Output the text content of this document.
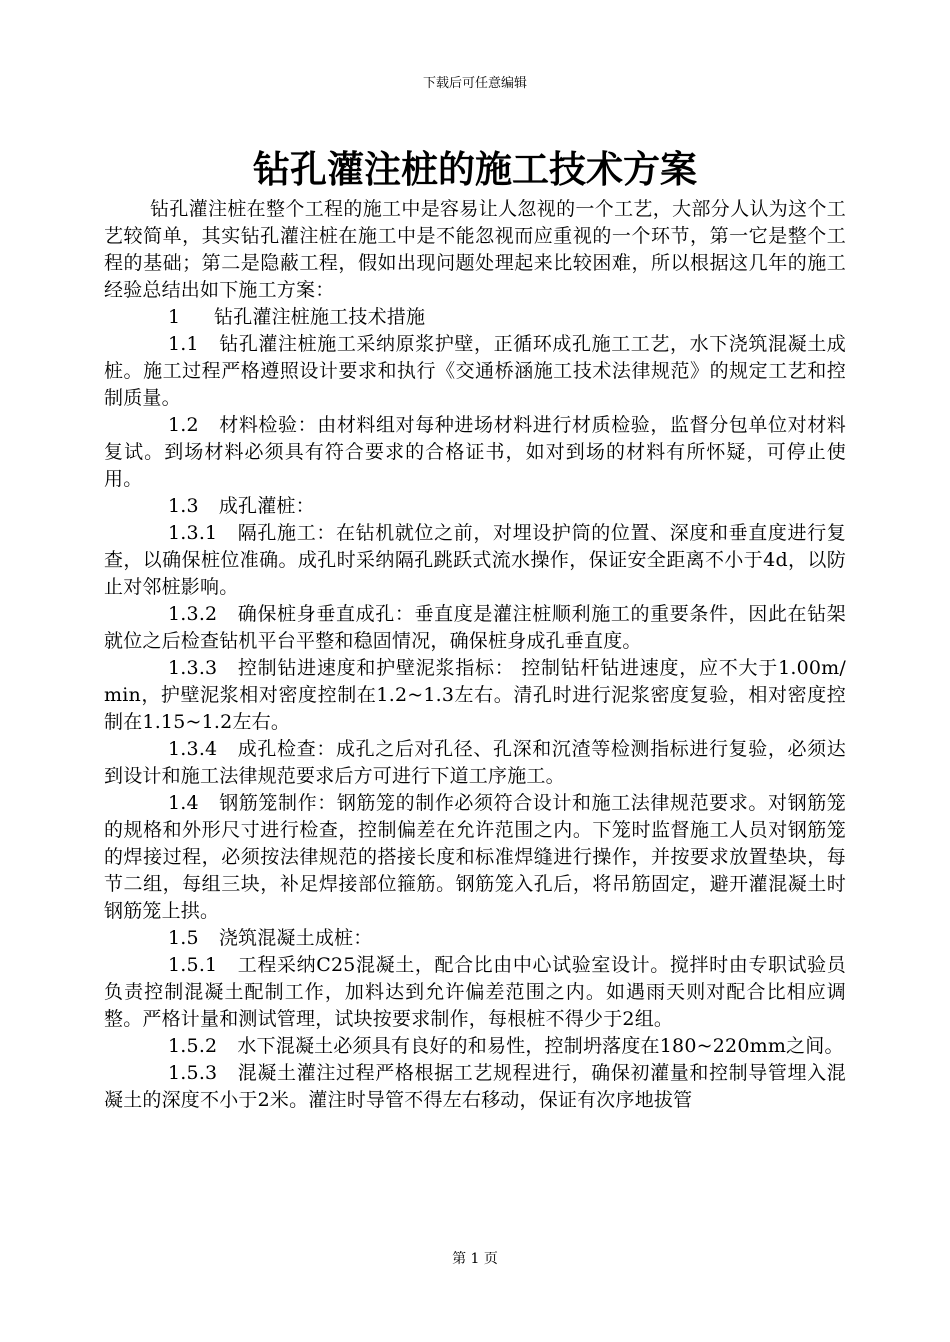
下载后可任意编辑
钻孔灌注桩的施工技术方案

钻孔灌注桩在整个工程的施工中是容易让人忽视的一个工艺，大部分人认为这个工艺较简单，其实钻孔灌注桩在施工中是不能忽视而应重视的一个环节，第一它是整个工程的基础；第二是隐蔽工程，假如出现问题处理起来比较困难，所以根据这几年的施工经验总结出如下施工方案：

1 钻孔灌注桩施工技术措施

1.1 钻孔灌注桩施工采纳原浆护壁，正循环成孔施工工艺，水下浇筑混凝土成桩。施工过程严格遵照设计要求和执行《交通桥涵施工技术法律规范》的规定工艺和控制质量。

1.2 材料检验：由材料组对每种进场材料进行材质检验，监督分包单位对材料复试。到场材料必须具有符合要求的合格证书，如对到场的材料有所怀疑，可停止使用。

1.3 成孔灌桩：

1.3.1 隔孔施工：在钻机就位之前，对埋设护筒的位置、深度和垂直度进行复查，以确保桩位准确。成孔时采纳隔孔跳跃式流水操作，保证安全距离不小于4d，以防止对邻桩影响。

1.3.2 确保桩身垂直成孔：垂直度是灌注桩顺利施工的重要条件，因此在钻架就位之后检查钻机平台平整和稳固情况，确保桩身成孔垂直度。

1.3.3 控制钻进速度和护壁泥浆指标： 控制钻杆钻进速度，应不大于1.00m/min，护壁泥浆相对密度控制在1.2~1.3左右。清孔时进行泥浆密度复验，相对密度控制在1.15~1.2左右。

1.3.4 成孔检查：成孔之后对孔径、孔深和沉渣等检测指标进行复验，必须达到设计和施工法律规范要求后方可进行下道工序施工。

1.4 钢筋笼制作：钢筋笼的制作必须符合设计和施工法律规范要求。对钢筋笼的规格和外形尺寸进行检查，控制偏差在允许范围之内。下笼时监督施工人员对钢筋笼的焊接过程，必须按法律规范的搭接长度和标准焊缝进行操作，并按要求放置垫块，每节二组，每组三块，补足焊接部位箍筋。钢筋笼入孔后，将吊筋固定，避开灌混凝土时钢筋笼上拱。

1.5 浇筑混凝土成桩：

1.5.1 工程采纳C25混凝土，配合比由中心试验室设计。搅拌时由专职试验员负责控制混凝土配制工作，加料达到允许偏差范围之内。如遇雨天则对配合比相应调整。严格计量和测试管理，试块按要求制作，每根桩不得少于2组。

1.5.2 水下混凝土必须具有良好的和易性，控制坍落度在180~220mm之间。

1.5.3 混凝土灌注过程严格根据工艺规程进行，确保初灌量和控制导管埋入混凝土的深度不小于2米。灌注时导管不得左右移动，保证有次序地拔管

第 1 页
